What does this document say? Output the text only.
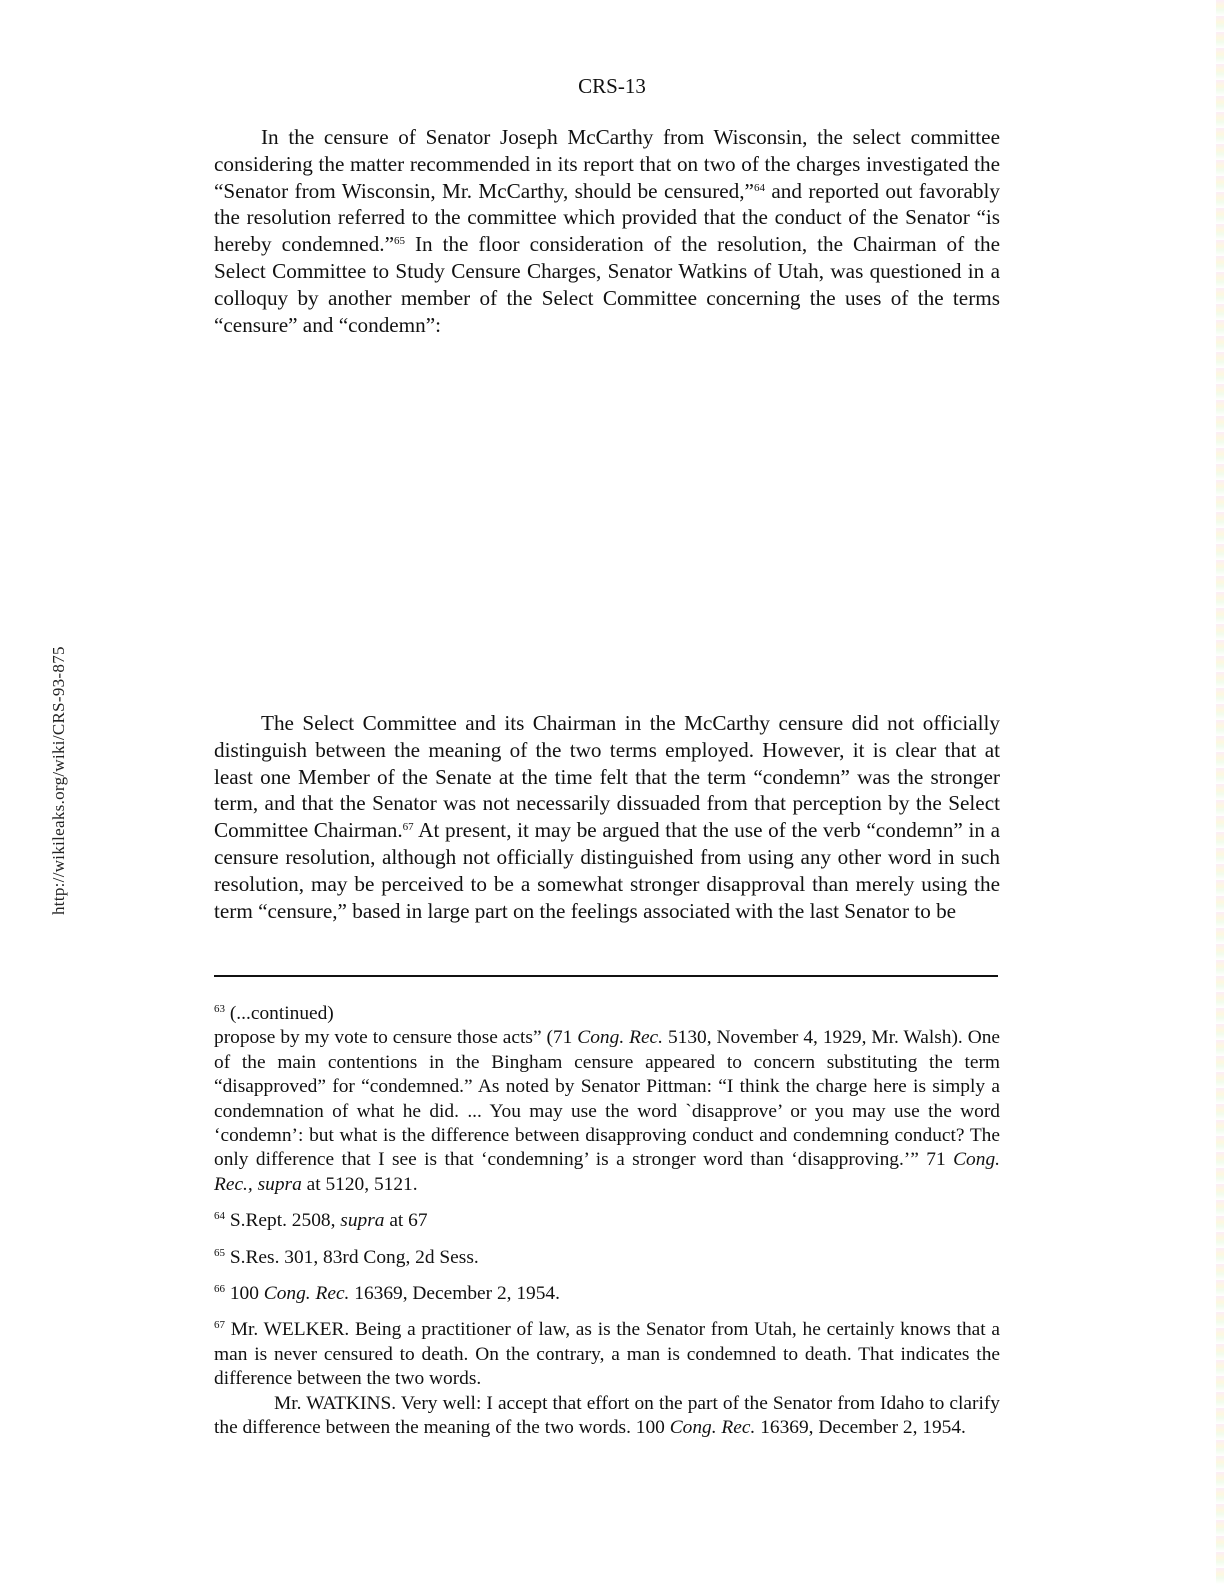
http://wikileaks.org/wiki/CRS-93-875
CRS-13

In the censure of Senator Joseph McCarthy from Wisconsin, the select committee considering the matter recommended in its report that on two of the charges investigated the “Senator from Wisconsin, Mr. McCarthy, should be censured,”$^{64}$ and reported out favorably the resolution referred to the committee which provided that the conduct of the Senator “is hereby condemned.”$^{65}$ In the floor consideration of the resolution, the Chairman of the Select Committee to Study Censure Charges, Senator Watkins of Utah, was questioned in a colloquy by another member of the Select Committee concerning the uses of the terms “censure” and “condemn”:

The Select Committee and its Chairman in the McCarthy censure did not officially distinguish between the meaning of the two terms employed. However, it is clear that at least one Member of the Senate at the time felt that the term “condemn” was the stronger term, and that the Senator was not necessarily dissuaded from that perception by the Select Committee Chairman.$^{67}$ At present, it may be argued that the use of the verb “condemn” in a censure resolution, although not officially distinguished from using any other word in such resolution, may be perceived to be a somewhat stronger disapproval than merely using the term “censure,” based in large part on the feelings associated with the last Senator to be

$^{63}$ (...continued)

propose by my vote to censure those acts” (71 Cong. Rec. 5130, November 4, 1929, Mr. Walsh). One of the main contentions in the Bingham censure appeared to concern substituting the term “disapproved” for “condemned.” As noted by Senator Pittman: “I think the charge here is simply a condemnation of what he did. ... You may use the word `disapprove’ or you may use the word ‘condemn’: but what is the difference between disapproving conduct and condemning conduct? The only difference that I see is that ‘condemning’ is a stronger word than ‘disapproving.’” 71 Cong. Rec., supra at 5120, 5121.

$^{64}$ S.Rept. 2508, supra at 67

$^{65}$ S.Res. 301, 83rd Cong, 2d Sess.

$^{66}$ 100 Cong. Rec. 16369, December 2, 1954.

$^{67}$ Mr. WELKER. Being a practitioner of law, as is the Senator from Utah, he certainly knows that a man is never censured to death. On the contrary, a man is condemned to death. That indicates the difference between the two words.

Mr. WATKINS. Very well: I accept that effort on the part of the Senator from Idaho to clarify the difference between the meaning of the two words. 100 Cong. Rec. 16369, December 2, 1954.
